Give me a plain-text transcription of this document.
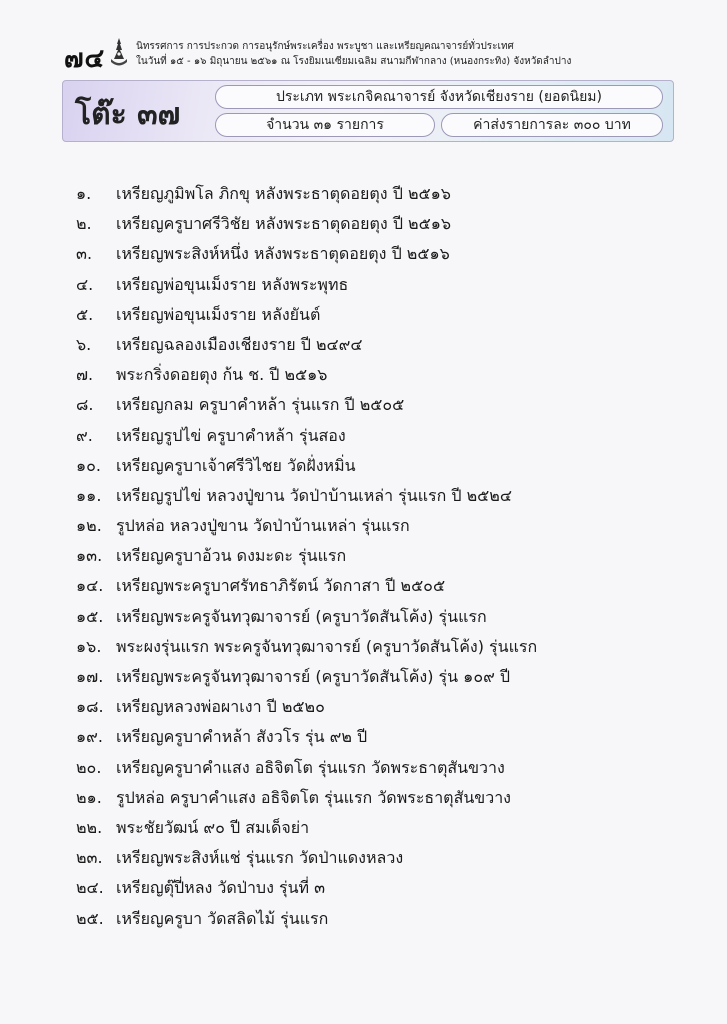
๗๔	นิทรรศการ การประกวด การอนุรักษ์พระเครื่อง พระบูชา และเหรียญคณาจารย์ทั่วประเทศ
ในวันที่ ๑๕ - ๑๖ มิถุนายน ๒๕๖๑ ณ โรงยิมเนเซียมเฉลิม สนามกีฬากลาง (หนองกระทิง) จังหวัดลำปาง
โต๊ะ ๓๗	ประเภท พระเกจิคณาจารย์ จังหวัดเชียงราย (ยอดนิยม)
จำนวน ๓๑ รายการ	ค่าส่งรายการละ ๓๐๐ บาท
๑.	เหรียญภูมิพโล ภิกขุ หลังพระธาตุดอยตุง ปี ๒๕๑๖
๒.	เหรียญครูบาศรีวิชัย หลังพระธาตุดอยตุง ปี ๒๕๑๖
๓.	เหรียญพระสิงห์หนึ่ง หลังพระธาตุดอยตุง ปี ๒๕๑๖
๔.	เหรียญพ่อขุนเม็งราย หลังพระพุทธ
๕.	เหรียญพ่อขุนเม็งราย หลังยันต์
๖.	เหรียญฉลองเมืองเชียงราย ปี ๒๔๙๔
๗.	พระกริ่งดอยตุง ก้น ช. ปี ๒๕๑๖
๘.	เหรียญกลม ครูบาคำหล้า รุ่นแรก ปี ๒๕๐๕
๙.	เหรียญรูปไข่ ครูบาคำหล้า รุ่นสอง
๑๐. เหรียญครูบาเจ้าศรีวิไชย วัดฝั่งหมิ่น
๑๑. เหรียญรูปไข่ หลวงปู่ขาน วัดป่าบ้านเหล่า รุ่นแรก ปี ๒๕๒๔
๑๒. รูปหล่อ หลวงปู่ขาน วัดป่าบ้านเหล่า รุ่นแรก
๑๓. เหรียญครูบาอ้วน ดงมะดะ รุ่นแรก
๑๔. เหรียญพระครูบาศรัทธาภิรัตน์ วัดกาสา ปี ๒๕๐๕
๑๕. เหรียญพระครูจันทวุฒาจารย์ (ครูบาวัดสันโค้ง) รุ่นแรก
๑๖. พระผงรุ่นแรก พระครูจันทวุฒาจารย์ (ครูบาวัดสันโค้ง) รุ่นแรก
๑๗. เหรียญพระครูจันทวุฒาจารย์ (ครูบาวัดสันโค้ง) รุ่น ๑๐๙ ปี
๑๘. เหรียญหลวงพ่อผาเงา ปี ๒๕๒๐
๑๙. เหรียญครูบาคำหล้า สังวโร รุ่น ๙๒ ปี
๒๐. เหรียญครูบาคำแสง อธิจิตโต รุ่นแรก วัดพระธาตุสันขวาง
๒๑. รูปหล่อ ครูบาคำแสง อธิจิตโต รุ่นแรก วัดพระธาตุสันขวาง
๒๒. พระชัยวัฒน์ ๙๐ ปี สมเด็จย่า
๒๓. เหรียญพระสิงห์แช่ รุ่นแรก วัดป่าแดงหลวง
๒๔. เหรียญตุ๊ปี่หลง วัดป่าบง รุ่นที่ ๓
๒๕. เหรียญครูบา วัดสลิดไม้ รุ่นแรก
